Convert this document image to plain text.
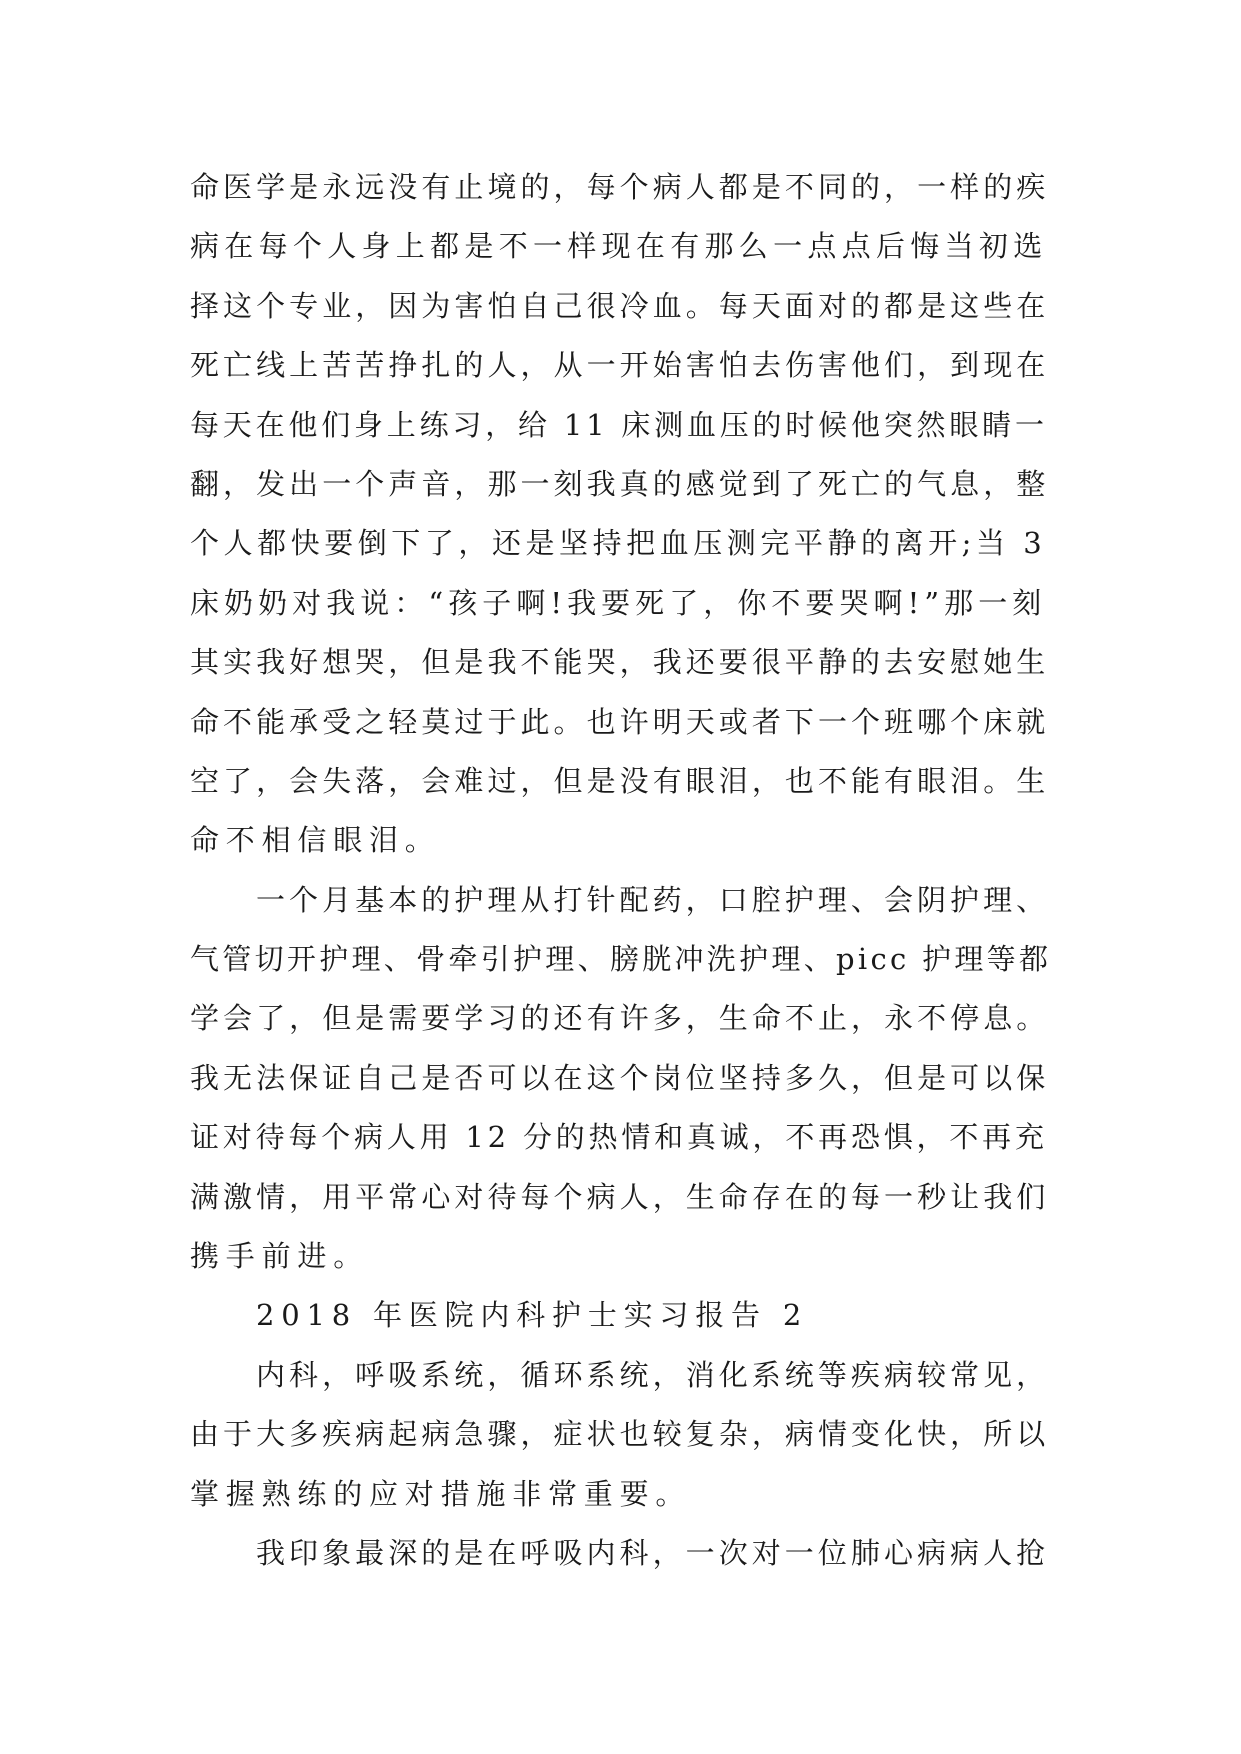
命医学是永远没有止境的，每个病人都是不同的，一样的疾
病在每个人身上都是不一样现在有那么一点点后悔当初选
择这个专业，因为害怕自己很冷血。每天面对的都是这些在
死亡线上苦苦挣扎的人，从一开始害怕去伤害他们，到现在
每天在他们身上练习，给 11 床测血压的时候他突然眼睛一
翻，发出一个声音，那一刻我真的感觉到了死亡的气息，整
个人都快要倒下了，还是坚持把血压测完平静的离开;当 3
床奶奶对我说：“孩子啊!我要死了，你不要哭啊!”那一刻
其实我好想哭，但是我不能哭，我还要很平静的去安慰她生
命不能承受之轻莫过于此。也许明天或者下一个班哪个床就
空了，会失落，会难过，但是没有眼泪，也不能有眼泪。生
命不相信眼泪。
一个月基本的护理从打针配药，口腔护理、会阴护理、
气管切开护理、骨牵引护理、膀胱冲洗护理、picc 护理等都
学会了，但是需要学习的还有许多，生命不止，永不停息。
我无法保证自己是否可以在这个岗位坚持多久，但是可以保
证对待每个病人用 12 分的热情和真诚，不再恐惧，不再充
满激情，用平常心对待每个病人，生命存在的每一秒让我们
携手前进。
2018 年医院内科护士实习报告 2
内科，呼吸系统，循环系统，消化系统等疾病较常见，
由于大多疾病起病急骤，症状也较复杂，病情变化快，所以
掌握熟练的应对措施非常重要。
我印象最深的是在呼吸内科，一次对一位肺心病病人抢
